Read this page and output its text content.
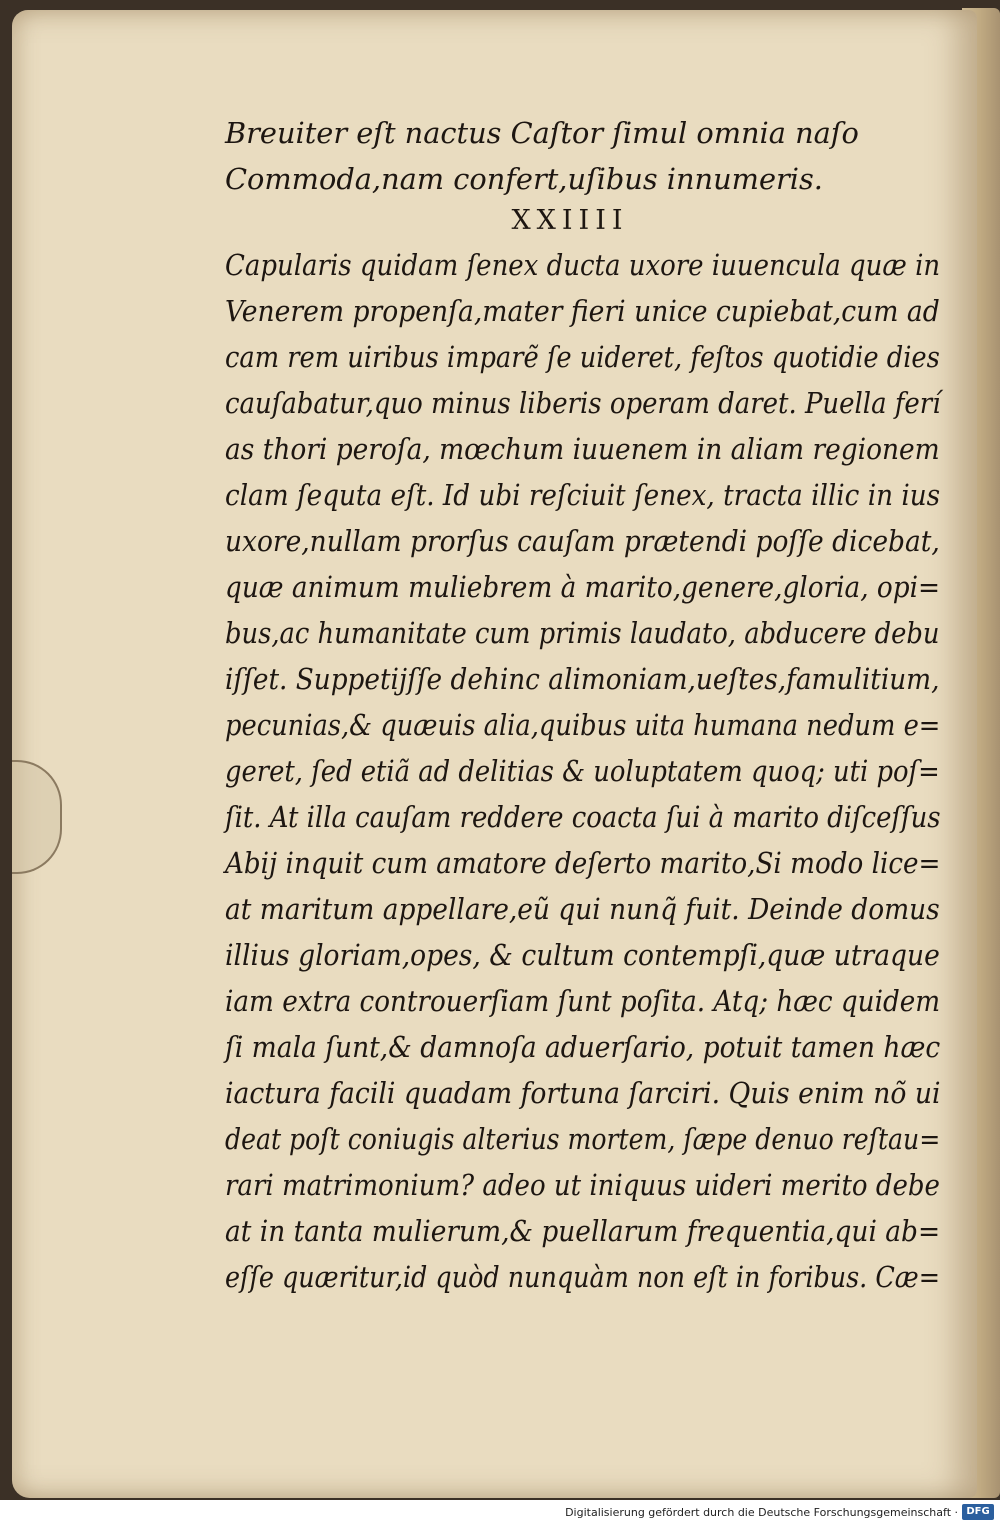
Breuiter eſt nactus Caſtor ſimul omnia naſo
Commoda,nam confert,uſibus innumeris.
XXIIII
Capularis quidam ſenex ducta uxore iuuencula quæ in
Venerem propenſa,mater fieri unice cupiebat,cum ad
cam rem uiribus imparẽ ſe uideret, feſtos quotidie dies
cauſabatur,quo minus liberis operam daret. Puella ferí
as thori peroſa, mœchum iuuenem in aliam regionem
clam ſequta eſt. Id ubi reſciuit ſenex, tracta illic in ius
uxore,nullam prorſus cauſam prætendi poſſe dicebat,
quæ animum muliebrem à marito,genere,gloria, opi=
bus,ac humanitate cum primis laudato, abducere debu
iſſet. Suppetijſſe dehinc alimoniam,ueſtes,famulitium,
pecunias,& quæuis alia,quibus uita humana nedum e=
geret, ſed etiã ad delitias & uoluptatem quoq; uti poſ=
ſit. At illa cauſam reddere coacta ſui à marito diſceſſus
Abij inquit cum amatore deſerto marito,Si modo lice=
at maritum appellare,eũ qui nunq̃ fuit. Deinde domus
illius gloriam,opes, & cultum contempſi,quæ utraque
iam extra controuerſiam ſunt poſita. Atq; hæc quidem
ſi mala ſunt,& damnoſa aduerſario, potuit tamen hæc
iactura facili quadam fortuna ſarciri. Quis enim nõ ui
deat poſt coniugis alterius mortem, ſæpe denuo reſtau=
rari matrimonium? adeo ut iniquus uideri merito debe
at in tanta mulierum,& puellarum frequentia,qui ab=
eſſe quæritur,id quòd nunquàm non eſt in foribus. Cæ=
Digitalisierung gefördert durch die Deutsche Forschungsgemeinschaft · DFG
